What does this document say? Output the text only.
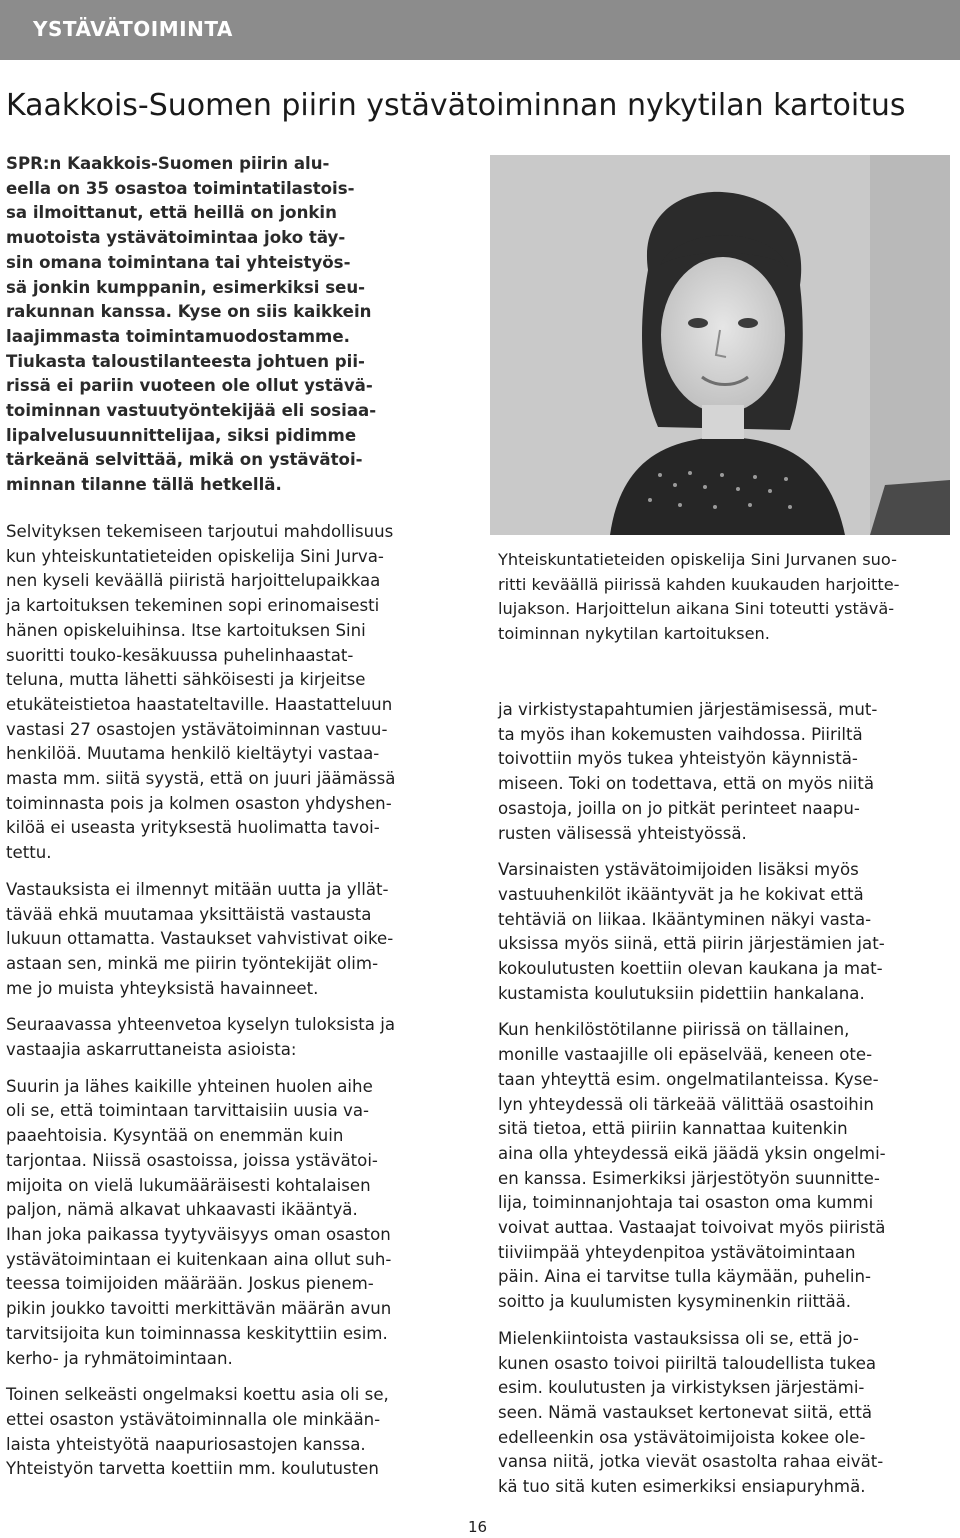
YSTÄVÄTOIMINTA
Kaakkois-Suomen piirin ystävätoiminnan nykytilan kartoitus

SPR:n Kaakkois-Suomen piirin alu-
eella on 35 osastoa toimintatilastois-
sa ilmoittanut, että heillä on jonkin
muotoista ystävätoimintaa joko täy-
sin omana toimintana tai yhteistyös-
sä jonkin kumppanin, esimerkiksi seu-
rakunnan kanssa. Kyse on siis kaikkein
laajimmasta toimintamuodostamme.
Tiukasta taloustilanteesta johtuen pii-
rissä ei pariin vuoteen ole ollut ystävä-
toiminnan vastuutyöntekijää eli sosiaa-
lipalvelusuunnittelijaa, siksi pidimme
tärkeänä selvittää, mikä on ystävätoi-
minnan tilanne tällä hetkellä.

Yhteiskuntatieteiden opiskelija Sini Jurvanen suo-
ritti keväällä piirissä kahden kuukauden harjoitte-
lujakson. Harjoittelun aikana Sini toteutti ystävä-
toiminnan nykytilan kartoituksen.

Selvityksen tekemiseen tarjoutui mahdollisuus
kun yhteiskuntatieteiden opiskelija Sini Jurva-
nen kyseli keväällä piiristä harjoittelupaikkaa
ja kartoituksen tekeminen sopi erinomaisesti
hänen opiskeluihinsa. Itse kartoituksen Sini
suoritti touko-kesäkuussa puhelinhaastat-
teluna, mutta lähetti sähköisesti ja kirjeitse
etukäteistietoa haastateltaville. Haastatteluun
vastasi 27 osastojen ystävätoiminnan vastuu-
henkilöä. Muutama henkilö kieltäytyi vastaa-
masta mm. siitä syystä, että on juuri jäämässä
toiminnasta pois ja kolmen osaston yhdyshen-
kilöä ei useasta yrityksestä huolimatta tavoi-
tettu.

Vastauksista ei ilmennyt mitään uutta ja yllät-
tävää ehkä muutamaa yksittäistä vastausta
lukuun ottamatta. Vastaukset vahvistivat oike-
astaan sen, minkä me piirin työntekijät olim-
me jo muista yhteyksistä havainneet.

Seuraavassa yhteenvetoa kyselyn tuloksista ja
vastaajia askarruttaneista asioista:

Suurin ja lähes kaikille yhteinen huolen aihe
oli se, että toimintaan tarvittaisiin uusia va-
paaehtoisia. Kysyntää on enemmän kuin
tarjontaa. Niissä osastoissa, joissa ystävätoi-
mijoita on vielä lukumääräisesti kohtalaisen
paljon, nämä alkavat uhkaavasti ikääntyä.
Ihan joka paikassa tyytyväisyys oman osaston
ystävätoimintaan ei kuitenkaan aina ollut suh-
teessa toimijoiden määrään. Joskus pienem-
pikin joukko tavoitti merkittävän määrän avun
tarvitsijoita kun toiminnassa keskityttiin esim.
kerho- ja ryhmätoimintaan.

Toinen selkeästi ongelmaksi koettu asia oli se,
ettei osaston ystävätoiminnalla ole minkään-
laista yhteistyötä naapuriosastojen kanssa.
Yhteistyön tarvetta koettiin mm. koulutusten

ja virkistystapahtumien järjestämisessä, mut-
ta myös ihan kokemusten vaihdossa. Piiriltä
toivottiin myös tukea yhteistyön käynnistä-
miseen. Toki on todettava, että on myös niitä
osastoja, joilla on jo pitkät perinteet naapu-
rusten välisessä yhteistyössä.

Varsinaisten ystävätoimijoiden lisäksi myös
vastuuhenkilöt ikääntyvät ja he kokivat että
tehtäviä on liikaa. Ikääntyminen näkyi vasta-
uksissa myös siinä, että piirin järjestämien jat-
kokoulutusten koettiin olevan kaukana ja mat-
kustamista koulutuksiin pidettiin hankalana.

Kun henkilöstötilanne piirissä on tällainen,
monille vastaajille oli epäselvää, keneen ote-
taan yhteyttä esim. ongelmatilanteissa. Kyse-
lyn yhteydessä oli tärkeää välittää osastoihin
sitä tietoa, että piiriin kannattaa kuitenkin
aina olla yhteydessä eikä jäädä yksin ongelmi-
en kanssa. Esimerkiksi järjestötyön suunnitte-
lija, toiminnanjohtaja tai osaston oma kummi
voivat auttaa. Vastaajat toivoivat myös piiristä
tiiviimpää yhteydenpitoa ystävätoimintaan
päin. Aina ei tarvitse tulla käymään, puhelin-
soitto ja kuulumisten kysyminenkin riittää.

Mielenkiintoista vastauksissa oli se, että jo-
kunen osasto toivoi piiriltä taloudellista tukea
esim. koulutusten ja virkistyksen järjestämi-
seen. Nämä vastaukset kertonevat siitä, että
edelleenkin osa ystävätoimijoista kokee ole-
vansa niitä, jotka vievät osastolta rahaa eivät-
kä tuo sitä kuten esimerkiksi ensiapuryhmä.

16
